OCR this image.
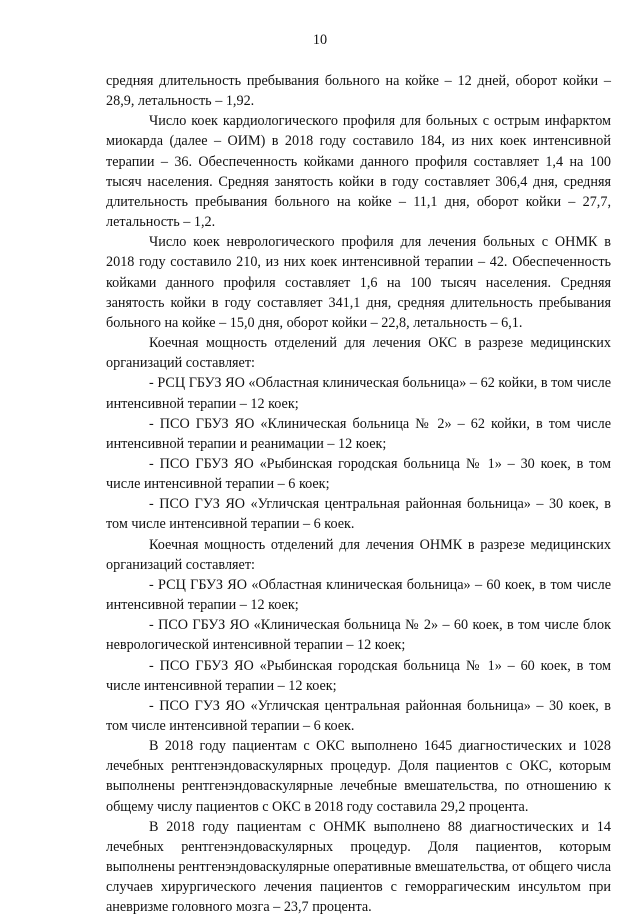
10

средняя длительность пребывания больного на койке – 12 дней, оборот койки – 28,9, летальность – 1,92.

Число коек кардиологического профиля для больных с острым инфарктом миокарда (далее – ОИМ) в 2018 году составило 184, из них коек интенсивной терапии – 36. Обеспеченность койками данного профиля составляет 1,4 на 100 тысяч населения. Средняя занятость койки в году составляет 306,4 дня, средняя длительность пребывания больного на койке – 11,1 дня, оборот койки – 27,7, летальность – 1,2.

Число коек неврологического профиля для лечения больных с ОНМК в 2018 году составило 210, из них коек интенсивной терапии – 42. Обеспеченность койками данного профиля составляет 1,6 на 100 тысяч населения. Средняя занятость койки в году составляет 341,1 дня, средняя длительность пребывания больного на койке – 15,0 дня, оборот койки – 22,8, летальность – 6,1.

Коечная мощность отделений для лечения ОКС в разрезе медицинских организаций составляет:

- РСЦ ГБУЗ ЯО «Областная клиническая больница» – 62 койки, в том числе интенсивной терапии – 12 коек;

- ПСО ГБУЗ ЯО «Клиническая больница № 2» – 62 койки, в том числе интенсивной терапии и реанимации – 12 коек;

- ПСО ГБУЗ ЯО «Рыбинская городская больница № 1» – 30 коек, в том числе интенсивной терапии – 6 коек;

- ПСО ГУЗ ЯО «Угличская центральная районная больница» – 30 коек, в том числе интенсивной терапии – 6 коек.

Коечная мощность отделений для лечения ОНМК в разрезе медицинских организаций составляет:

- РСЦ ГБУЗ ЯО «Областная клиническая больница» – 60 коек, в том числе интенсивной терапии – 12 коек;

- ПСО ГБУЗ ЯО «Клиническая больница № 2» – 60 коек, в том числе блок неврологической интенсивной терапии – 12 коек;

- ПСО ГБУЗ ЯО «Рыбинская городская больница № 1» – 60 коек, в том числе интенсивной терапии – 12 коек;

- ПСО ГУЗ ЯО «Угличская центральная районная больница» – 30 коек, в том числе интенсивной терапии – 6 коек.

В 2018 году пациентам с ОКС выполнено 1645 диагностических и 1028 лечебных рентгенэндоваскулярных процедур. Доля пациентов с ОКС, которым выполнены рентгенэндоваскулярные лечебные вмешательства, по отношению к общему числу пациентов с ОКС в 2018 году составила 29,2 процента.

В 2018 году пациентам с ОНМК выполнено 88 диагностических и 14 лечебных рентгенэндоваскулярных процедур. Доля пациентов, которым выполнены рентгенэндоваскулярные оперативные вмешательства, от общего числа случаев хирургического лечения пациентов с геморрагическим инсультом при аневризме головного мозга – 23,7 процента.
